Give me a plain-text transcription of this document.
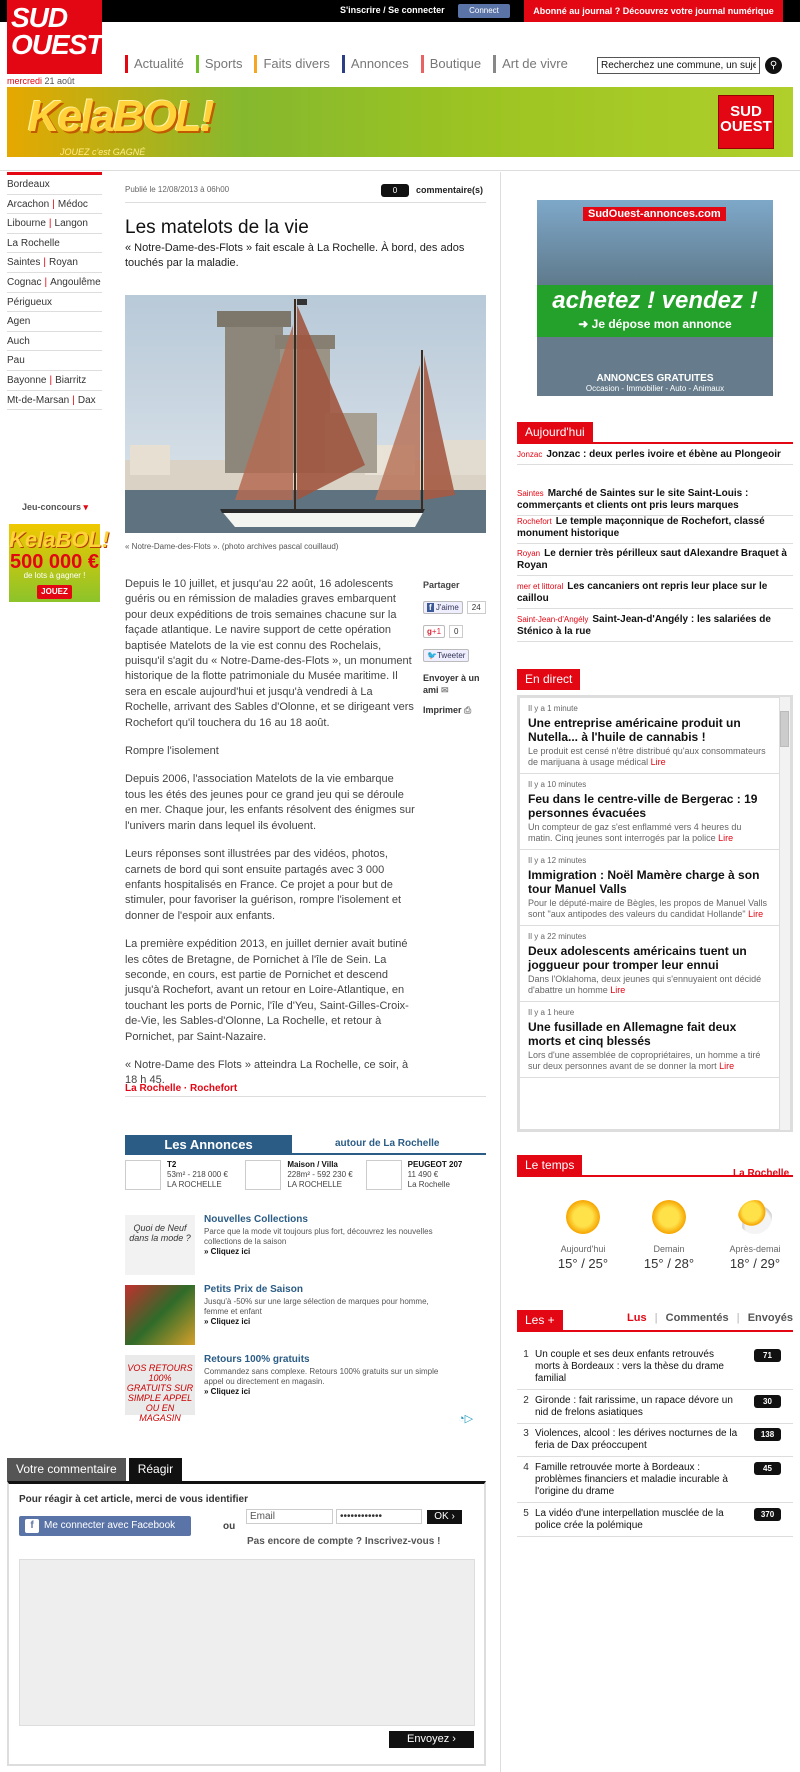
SUD
OUEST
mercredi 21 août
S'inscrire / Se connecter	Connect	Abonné au journal ? Découvrez votre journal numérique
Actualité	Sports	Faits divers	Annonces	Boutique	Art de vivre
Recherchez une commune, un sujet	⚲
KelaBOL!
JOUEZ c'est GAGNÉ
SUD
OUEST
Bordeaux
Arcachon | Médoc
Libourne | Langon
La Rochelle
Saintes | Royan
Cognac | Angoulême
Périgueux
Agen
Auch
Pau
Bayonne | Biarritz
Mt-de-Marsan | Dax
Jeu-concours ▾
KelaBOL!
500 000 €
de lots à gagner !
JOUEZ
Publié le 12/08/2013 à 06h00	0	commentaire(s)
Les matelots de la vie
« Notre-Dame-des-Flots » fait escale à La Rochelle. À bord, des ados touchés par la maladie.
« Notre-Dame-des-Flots ». (photo archives pascal couillaud)

Depuis le 10 juillet, et jusqu'au 22 août, 16 adolescents guéris ou en rémission de maladies graves embarquent pour deux expéditions de trois semaines chacune sur la façade atlantique. Le navire support de cette opération baptisée Matelots de la vie est connu des Rochelais, puisqu'il s'agit du « Notre-Dame-des-Flots », un monument historique de la flotte patrimoniale du Musée maritime. Il sera en escale aujourd'hui et jusqu'à vendredi à La Rochelle, arrivant des Sables d'Olonne, et se dirigeant vers Rochefort qu'il touchera du 16 au 18 août.

Rompre l'isolement

Depuis 2006, l'association Matelots de la vie embarque tous les étés des jeunes pour ce grand jeu qui se déroule en mer. Chaque jour, les enfants résolvent des énigmes sur l'univers marin dans lequel ils évoluent.

Leurs réponses sont illustrées par des vidéos, photos, carnets de bord qui sont ensuite partagés avec 3 000 enfants hospitalisés en France. Ce projet a pour but de stimuler, pour favoriser la guérison, rompre l'isolement et donner de l'espoir aux enfants.

La première expédition 2013, en juillet dernier avait butiné les côtes de Bretagne, de Pornichet à l'île de Sein. La seconde, en cours, est partie de Pornichet et descend jusqu'à Rochefort, avant un retour en Loire-Atlantique, en touchant les ports de Pornic, l'île d'Yeu, Saint-Gilles-Croix-de-Vie, les Sables-d'Olonne, La Rochelle, et retour à Pornichet, par Saint-Nazaire.

« Notre-Dame des Flots » atteindra La Rochelle, ce soir, à 18 h 45.

Partager
f J'aime	24
g+1	0
🐦Tweeter
Envoyer à un ami ✉
Imprimer ⎙
La Rochelle · Rochefort
Les Annonces	autour de La Rochelle
T2
53m² - 218 000 €
LA ROCHELLE
Maison / Villa
228m² - 592 230 €
LA ROCHELLE
PEUGEOT 207
11 490 €
La Rochelle
Quoi de Neuf dans la mode ?
Nouvelles Collections
Parce que la mode vit toujours plus fort, découvrez les nouvelles collections de la saison
» Cliquez ici
Petits Prix de Saison
Jusqu'à -50% sur une large sélection de marques pour homme, femme et enfant
» Cliquez ici
VOS RETOURS 100% GRATUITS SUR SIMPLE APPEL OU EN MAGASIN
Retours 100% gratuits
Commandez sans complexe. Retours 100% gratuits sur un simple appel ou directement en magasin.
» Cliquez ici
◔▷
Votre commentaire	Réagir
Pour réagir à cet article, merci de vous identifier
f	Me connecter avec Facebook	ou
Email	••••••••••••	OK ›
Pas encore de compte ? Inscrivez-vous !
Envoyez ›
SudOuest-annonces.com
achetez ! vendez !
➜ Je dépose mon annonce
ANNONCES GRATUITES
Occasion - Immobilier - Auto - Animaux
Aujourd'hui
Jonzac Jonzac : deux perles ivoire et ébène au Plongeoir
Saintes Marché de Saintes sur le site Saint-Louis : commerçants et clients ont pris leurs marques
Rochefort Le temple maçonnique de Rochefort, classé monument historique
Royan Le dernier très périlleux saut dAlexandre Braquet à Royan
mer et littoral Les cancaniers ont repris leur place sur le caillou
Saint-Jean-d'Angély Saint-Jean-d'Angély : les salariées de Sténico à la rue
En direct
Il y a 1 minute
Une entreprise américaine produit un Nutella... à l'huile de cannabis !
Le produit est censé n'être distribué qu'aux consommateurs de marijuana à usage médical Lire
Il y a 10 minutes
Feu dans le centre-ville de Bergerac : 19 personnes évacuées
Un compteur de gaz s'est enflammé vers 4 heures du matin. Cinq jeunes sont interrogés par la police Lire
Il y a 12 minutes
Immigration : Noël Mamère charge à son tour Manuel Valls
Pour le député-maire de Bègles, les propos de Manuel Valls sont "aux antipodes des valeurs du candidat Hollande" Lire
Il y a 22 minutes
Deux adolescents américains tuent un joggueur pour tromper leur ennui
Dans l'Oklahoma, deux jeunes qui s'ennuyaient ont décidé d'abattre un homme Lire
Il y a 1 heure
Une fusillade en Allemagne fait deux morts et cinq blessés
Lors d'une assemblée de copropriétaires, un homme a tiré sur deux personnes avant de se donner la mort Lire
Le temps
La Rochelle
Aujourd'hui
15° / 25°
Demain
15° / 28°
Après-demai
18° / 29°
Les +	Lus | Commentés | Envoyés
1 Un couple et ses deux enfants retrouvés morts à Bordeaux : vers la thèse du drame familial
71
2 Gironde : fait rarissime, un rapace dévore un nid de frelons asiatiques
30
3 Violences, alcool : les dérives nocturnes de la feria de Dax préoccupent
138
4 Famille retrouvée morte à Bordeaux : problèmes financiers et maladie incurable à l'origine du drame
45
5 La vidéo d'une interpellation musclée de la police crée la polémique
370
